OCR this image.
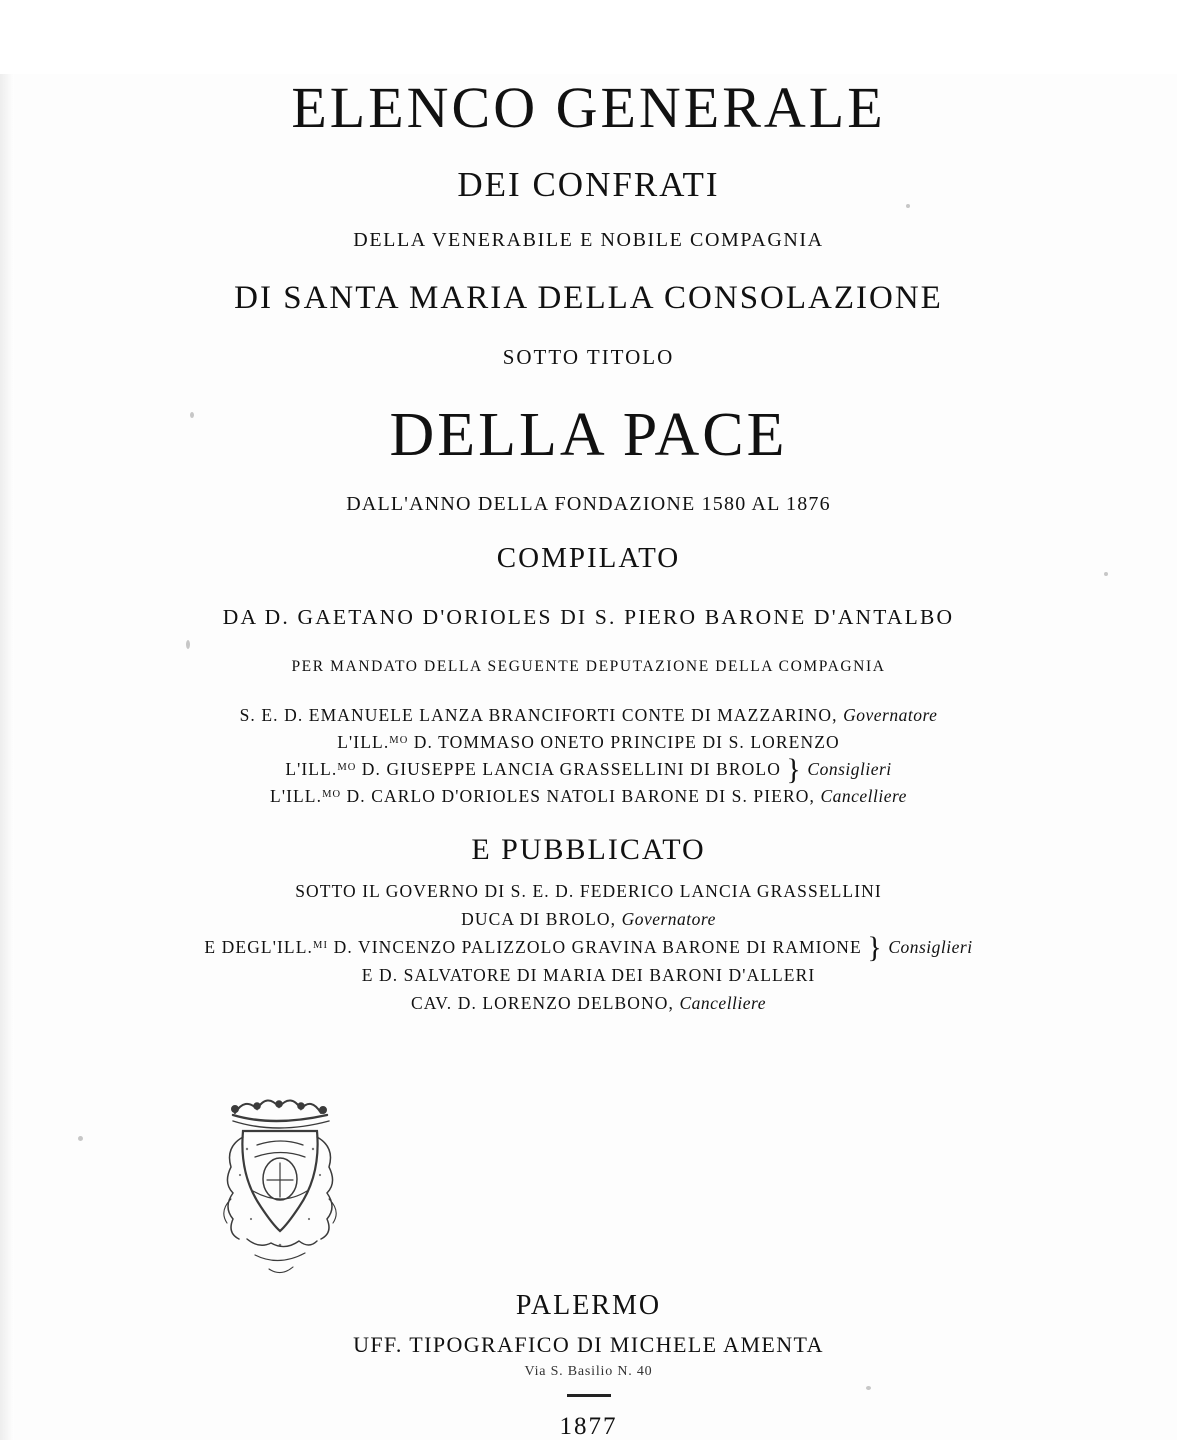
ELENCO GENERALE
DEI CONFRATI
DELLA VENERABILE E NOBILE COMPAGNIA
DI SANTA MARIA DELLA CONSOLAZIONE
SOTTO TITOLO
DELLA PACE
DALL'ANNO DELLA FONDAZIONE 1580 AL 1876
COMPILATO
DA D. GAETANO D'ORIOLES DI S. PIERO BARONE D'ANTALBO
PER MANDATO DELLA SEGUENTE DEPUTAZIONE DELLA COMPAGNIA
S. E. D. EMANUELE LANZA BRANCIFORTI CONTE DI MAZZARINO, Governatore
L'ILL.ᴹᴼ D. TOMMASO ONETO PRINCIPE DI S. LORENZO
L'ILL.ᴹᴼ D. GIUSEPPE LANCIA GRASSELLINI DI BROLO } Consiglieri
L'ILL.ᴹᴼ D. CARLO D'ORIOLES NATOLI BARONE DI S. PIERO, Cancelliere
E PUBBLICATO
SOTTO IL GOVERNO DI S. E. D. FEDERICO LANCIA GRASSELLINI
DUCA DI BROLO, Governatore
E DEGL'ILL.ᴹᴵ D. VINCENZO PALIZZOLO GRAVINA BARONE DI RAMIONE } Consiglieri
E D. SALVATORE DI MARIA DEI BARONI D'ALLERI
CAV. D. LORENZO DELBONO, Cancelliere
PALERMO
UFF. TIPOGRAFICO DI MICHELE AMENTA
Via S. Basilio N. 40
1877
